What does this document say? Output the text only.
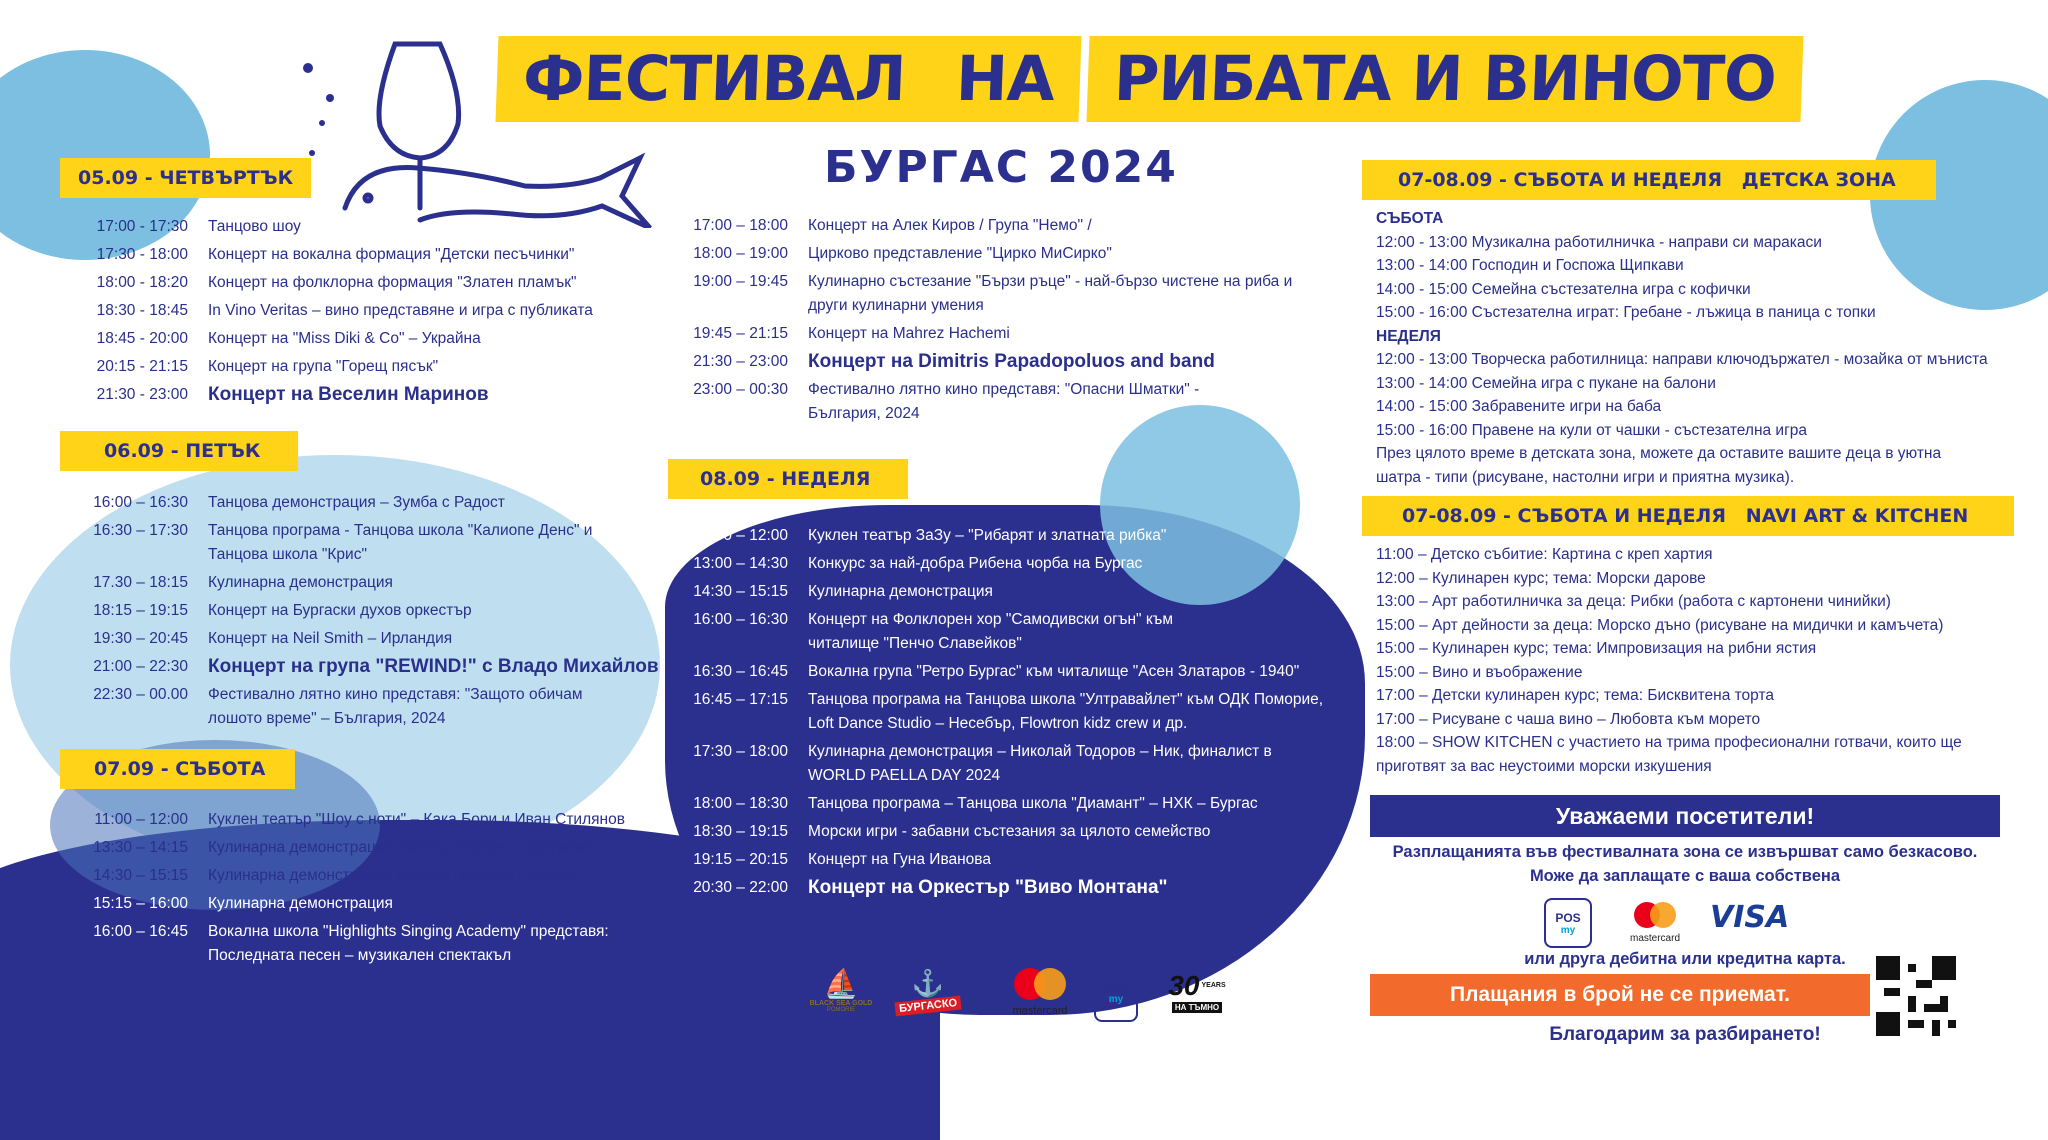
ФЕСТИВАЛ НА РИБАТА И ВИНОТО
БУРГАС 2024
05.09 - ЧЕТВЪРТЪК
17:00 - 17:30 Танцово шоу
17:30 - 18:00 Концерт на вокална формация "Детски песъчинки"
18:00 - 18:20 Концерт на фолклорна формация "Златен пламък"
18:30 - 18:45 In Vino Veritas – вино представяне и игра с публиката
18:45 - 20:00 Концерт на "Miss Diki & Co" – Украйна
20:15 - 21:15 Концерт на група "Горещ пясък"
21:30 - 23:00 Концерт на Веселин Маринов
17:00 – 18:00 Концерт на Алек Киров / Група "Немо" /
18:00 – 19:00 Цирково представление "Цирко МиСирко"
19:00 – 19:45 Кулинарно състезание "Бързи ръце" - най-бързо чистене на риба и други кулинарни умения
19:45 – 21:15 Концерт на Mahrez Hachemi
21:30 – 23:00 Концерт на Dimitris Papadopoluos and band
23:00 – 00:30 Фестивално лятно кино представя: "Опасни Шматки" - България, 2024
06.09 - ПЕТЪК
16:00 – 16:30 Танцова демонстрация – Зумба с Радост
16:30 – 17:30 Танцова програма - Танцова школа "Калиопе Денс" и Танцова школа "Крис"
17.30 – 18:15 Кулинарна демонстрация
18:15 – 19:15 Концерт на Бургаски духов оркестър
19:30 – 20:45 Концерт на Neil Smith – Ирландия
21:00 – 22:30 Концерт на група "REWIND!" с Владо Михайлов
22:30 – 00.00 Фестивално лятно кино представя: "Защото обичам лошото време" – България, 2024
07.09 - СЪБОТА
11:00 – 12:00 Куклен театър "Шоу с ноти" – Кака Бори и Иван Стилянов
13:30 – 14:15 Кулинарна демонстрация Stormy Chantre – Колумбия
14:30 – 15:15 Кулинарна демонстрация Mahrez Hachemi – Алжир
15:15 – 16:00 Кулинарна демонстрация
16:00 – 16:45 Вокална школа "Highlights Singing Academy" представя: Последната песен – музикален спектакъл
08.09 - НЕДЕЛЯ
11:00 – 12:00 Куклен театър ЗаЗу – "Рибарят и златната рибка"
13:00 – 14:30 Конкурс за най-добра Рибена чорба на Бургас
14:30 – 15:15 Кулинарна демонстрация
16:00 – 16:30 Концерт на Фолклорен хор "Самодивски огън" към читалище "Пенчо Славейков"
16:30 – 16:45 Вокална група "Ретро Бургас" към читалище "Асен Златаров - 1940"
16:45 – 17:15 Танцова програма на Танцова школа "Ултравайлет" към ОДК Поморие, Loft Dance Studio – Несебър, Flowtron kidz crew и др.
17:30 – 18:00 Кулинарна демонстрация – Николай Тодоров – Ник, финалист в WORLD PAELLA DAY 2024
18:00 – 18:30 Танцова програма – Танцова школа "Диамант" – НХК – Бургас
18:30 – 19:15 Морски игри - забавни състезания за цялото семейство
19:15 – 20:15 Концерт на Гуна Иванова
20:30 – 22:00 Концерт на Оркестър "Виво Монтана"
07-08.09 - СЪБОТА И НЕДЕЛЯ   ДЕТСКА ЗОНА
СЪБОТА
12:00 - 13:00 Музикална работилничка - направи си маракаси
13:00 - 14:00 Господин и Госпожа Щипкави
14:00 - 15:00 Семейна състезателна игра с кофички
15:00 - 16:00 Състезателна играт: Гребане - лъжица в паница с топки
НЕДЕЛЯ
12:00 - 13:00 Творческа работилница: направи ключодържател - мозайка от мъниста
13:00 - 14:00 Семейна игра с пукане на балони
14:00 - 15:00 Забравените игри на баба
15:00 - 16:00 Правене на кули от чашки - състезателна игра
През цялото време в детската зона, можете да оставите вашите деца в уютна шатра - типи (рисуване, настолни игри и приятна музика).
07-08.09 - СЪБОТА И НЕДЕЛЯ   NAVI ART & KITCHEN
11:00 – Детско събитие: Картина с креп хартия
12:00 – Кулинарен курс; тема: Морски дарове
13:00 – Арт работилничка за деца: Рибки (работа с картонени чинийки)
15:00 – Арт дейности за деца: Морско дъно (рисуване на мидички и камъчета)
15:00 – Кулинарен курс; тема: Импровизация на рибни ястия
15:00 – Вино и въображение
17:00 – Детски кулинарен курс; тема: Бисквитена торта
17:00 – Рисуване с чаша вино – Любовта към морето
18:00 – SHOW KITCHEN с участието на трима професионални готвачи, които ще приготвят за вас неустоими морски изкушения
Уважаеми посетители!
Разплащанията във фестивалната зона се извършват само безкасово.
Може да заплащате с ваша собствена
POS
my
mastercard
VISA
или друга дебитна или кредитна карта.
Плащания в брой не се приемат.
Благодарим за разбирането!
⛵
BLACK SEA GOLD
POMORIE
⚓
БУРГАСКО	mastercard
POS
my 30 YEARS
НА ТЪМНО
